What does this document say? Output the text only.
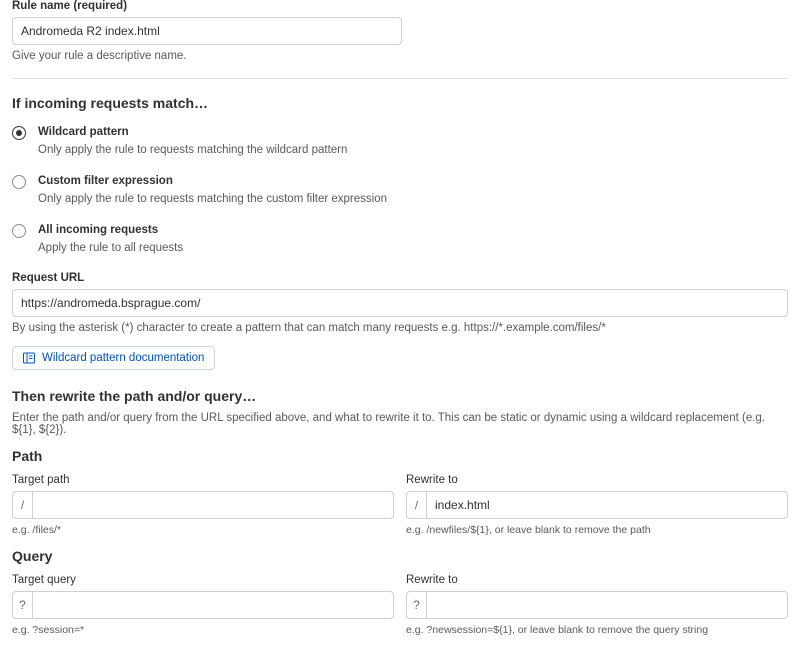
Rule name (required)
Andromeda R2 index.html
Give your rule a descriptive name.
If incoming requests match…
Wildcard pattern
Only apply the rule to requests matching the wildcard pattern
Custom filter expression
Only apply the rule to requests matching the custom filter expression
All incoming requests
Apply the rule to all requests
Request URL
https://andromeda.bsprague.com/
By using the asterisk (*) character to create a pattern that can match many requests e.g. https://*.example.com/files/*
Wildcard pattern documentation
Then rewrite the path and/or query…
Enter the path and/or query from the URL specified above, and what to rewrite it to. This can be static or dynamic using a wildcard replacement (e.g. ${1}, ${2}).
Path
Target path
/
e.g. /files/*
Rewrite to
/
index.html
e.g. /newfiles/${1}, or leave blank to remove the path
Query
Target query
?
e.g. ?session=*
Rewrite to
?
e.g. ?newsession=${1}, or leave blank to remove the query string
